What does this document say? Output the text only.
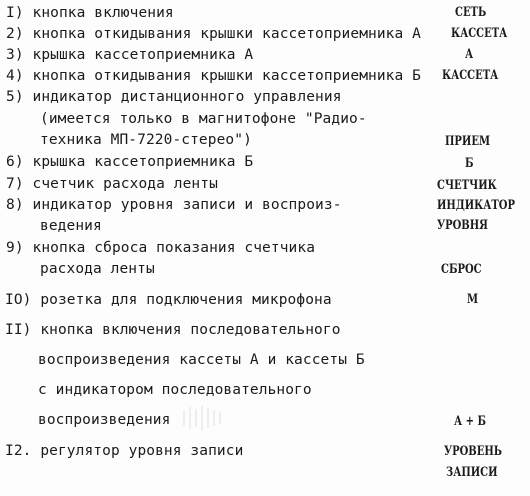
I) кнопка включения
2) кнопка откидывания крышки кассетоприемника А
3) крышка кассетоприемника А
4) кнопка откидывания крышки кассетоприемника Б
5) индикатор дистанционного управления
(имеется только в магнитофоне "Радио-
техника МП-7220-стерео")
6) крышка кассетоприемника Б
7) счетчик расхода ленты
8) индикатор уровня записи и воспроиз-
ведения
9) кнопка сброса показания счетчика
расхода ленты
IO) розетка для подключения микрофона
II) кнопка включения последовательного
воспроизведения кассеты А и кассеты Б
с индикатором последовательного
воспроизведения
I2. регулятор уровня записи
СЕТЬ
КАССЕТА
А
КАССЕТА
ПРИЕМ
Б
СЧЕТЧИК
ИНДИКАТОР
УРОВНЯ
СБРОС
М
А + Б
УРОВЕНЬ
ЗАПИСИ
